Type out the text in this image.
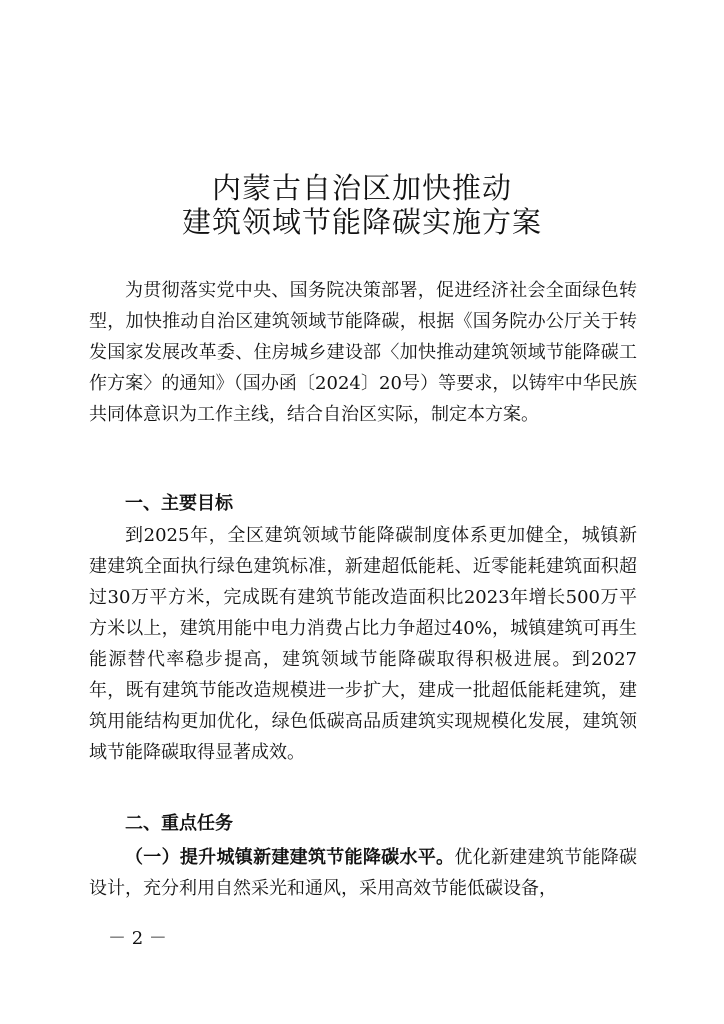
内蒙古自治区加快推动
建筑领域节能降碳实施方案

为贯彻落实党中央、国务院决策部署，促进经济社会全面绿色转型，加快推动自治区建筑领域节能降碳，根据《国务院办公厅关于转发国家发展改革委、住房城乡建设部〈加快推动建筑领域节能降碳工作方案〉的通知》（国办函〔2024〕20号）等要求，以铸牢中华民族共同体意识为工作主线，结合自治区实际，制定本方案。

一、主要目标

到2025年，全区建筑领域节能降碳制度体系更加健全，城镇新建建筑全面执行绿色建筑标准，新建超低能耗、近零能耗建筑面积超过30万平方米，完成既有建筑节能改造面积比2023年增长500万平方米以上，建筑用能中电力消费占比力争超过40%，城镇建筑可再生能源替代率稳步提高，建筑领域节能降碳取得积极进展。到2027年，既有建筑节能改造规模进一步扩大，建成一批超低能耗建筑，建筑用能结构更加优化，绿色低碳高品质建筑实现规模化发展，建筑领域节能降碳取得显著成效。

二、重点任务

（一）提升城镇新建建筑节能降碳水平。优化新建建筑节能降碳设计，充分利用自然采光和通风，采用高效节能低碳设备，

－ 2 －
